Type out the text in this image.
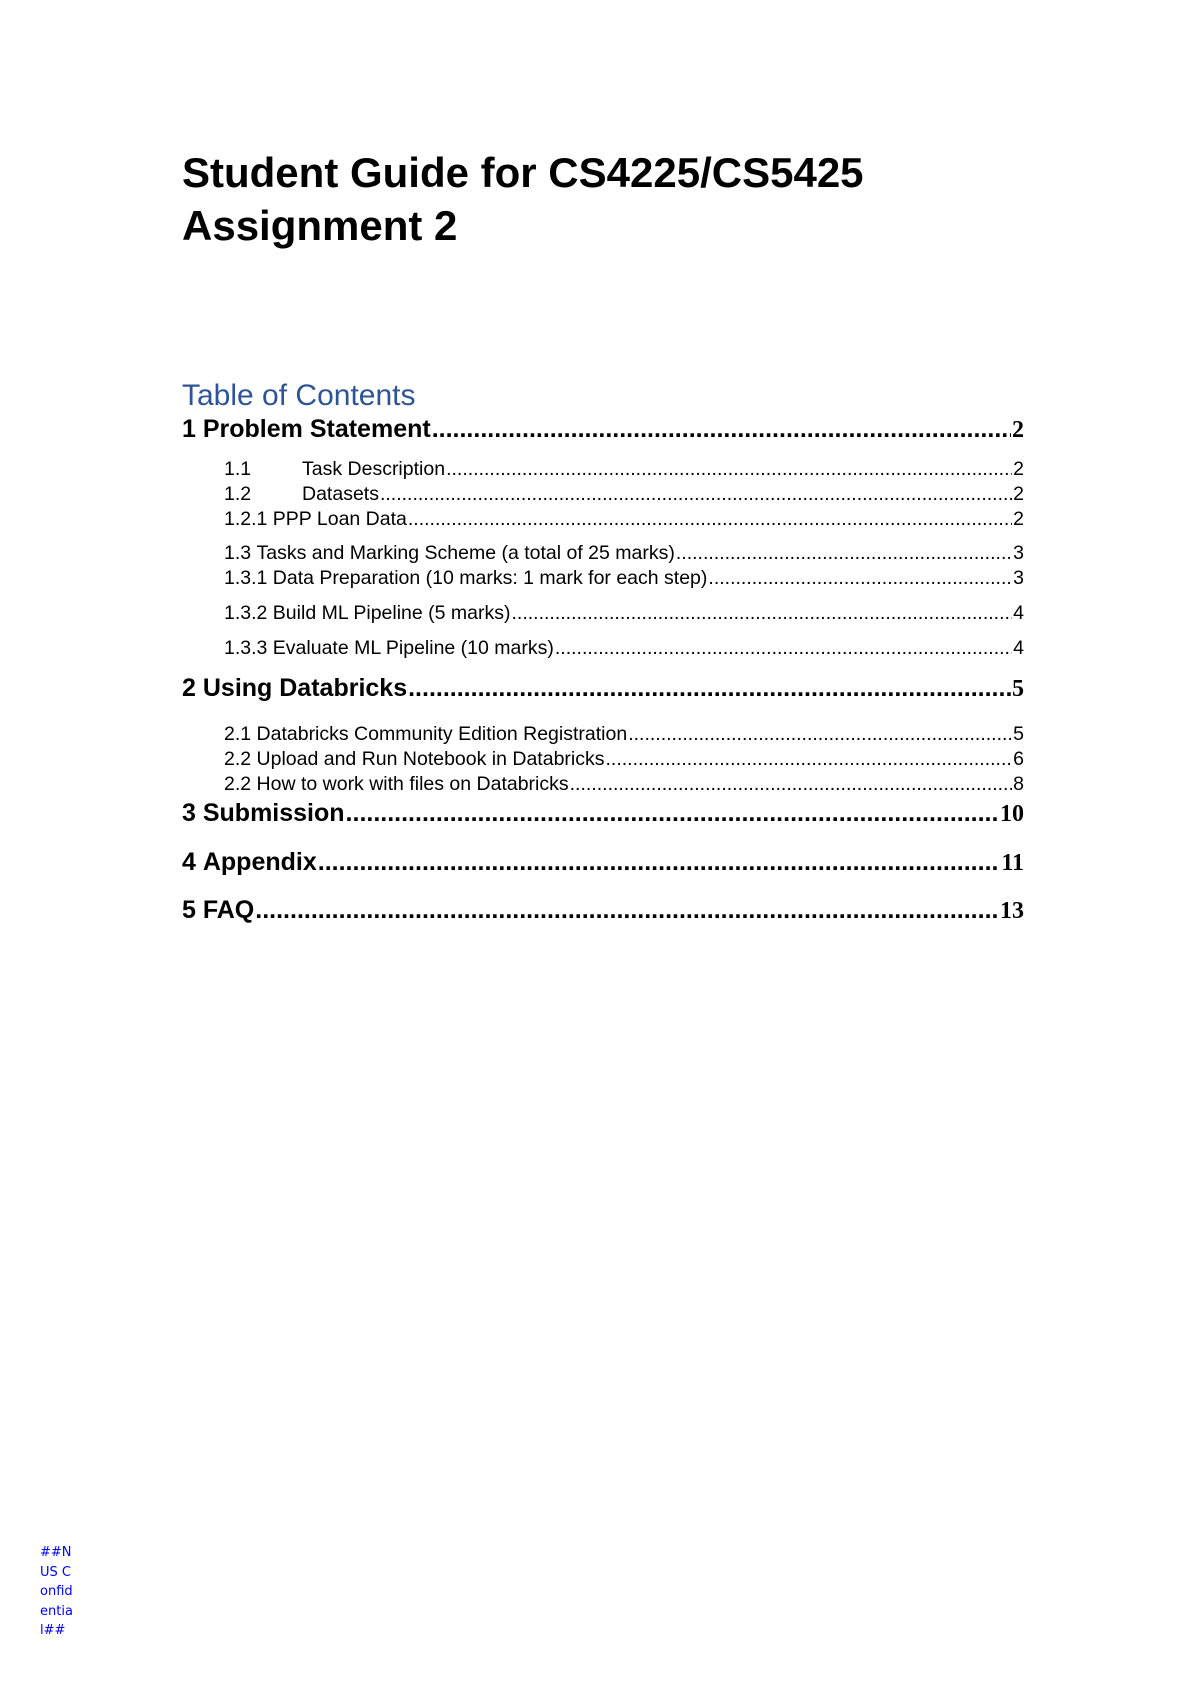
Student Guide for CS4225/CS5425
Assignment 2
Table of Contents
1 Problem Statement .....	2
1.1	Task Description .....	2
1.2	Datasets .....	2
1.2.1 PPP Loan Data .....	2
1.3 Tasks and Marking Scheme (a total of 25 marks) .....	3
1.3.1 Data Preparation (10 marks: 1 mark for each step) .....	3
1.3.2 Build ML Pipeline (5 marks) .....	4
1.3.3 Evaluate ML Pipeline (10 marks) .....	4
2 Using Databricks .....	5
2.1 Databricks Community Edition Registration .....	5
2.2 Upload and Run Notebook in Databricks .....	6
2.2 How to work with files on Databricks .....	8
3 Submission .....	10
4 Appendix .....	11
5 FAQ .....	13
##NUS Confidential##
